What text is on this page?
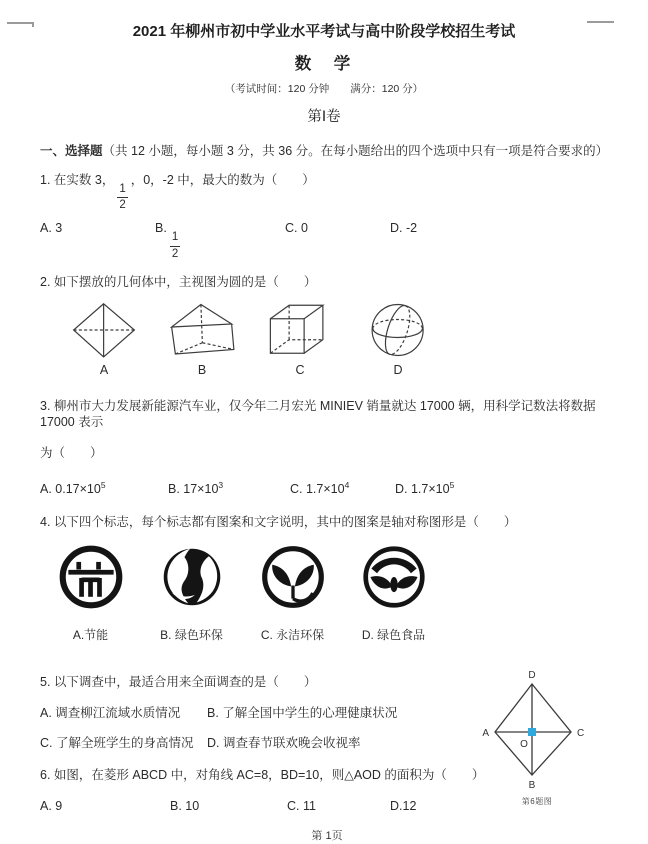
2021 年柳州市初中学业水平考试与高中阶段学校招生考试
数　学
（考试时间：120 分钟　　满分：120 分）
第Ⅰ卷
一、选择题（共 12 小题，每小题 3 分，共 36 分。在每小题给出的四个选项中只有一项是符合要求的）
1. 在实数 3，
$\frac{1}{2}$
，0，-2 中，最大的数为（　　）
A. 3	B.
$\frac{1}{2}$
C. 0	D. -2
2. 如下摆放的几何体中，主视图为圆的是（　　）
A	B	C	D
3. 柳州市大力发展新能源汽车业，仅今年二月宏光 MINIEV 销量就达 17000 辆，用科学记数法将数据 17000 表示
为（　　）
A. $0.17\times 10^5$	B. $17\times 10^3$	C. $1.7\times 10^4$	D. $1.7\times 10^5$
4. 以下四个标志，每个标志都有图案和文字说明，其中的图案是轴对称图形是（　　）
A.节能	B. 绿色环保	C. 永洁环保	D. 绿色食品
5. 以下调查中，最适合用来全面调查的是（　　）
A. 调查柳江流域水质情况	B. 了解全国中学生的心理健康状况
C. 了解全班学生的身高情况	D. 调查春节联欢晚会收视率
6. 如图，在菱形 ABCD 中，对角线 AC=8，BD=10，则△AOD 的面积为（　　）
A. 9	B. 10	C. 11	D.12
第 1页
D
A	C
B
O
第6题图
